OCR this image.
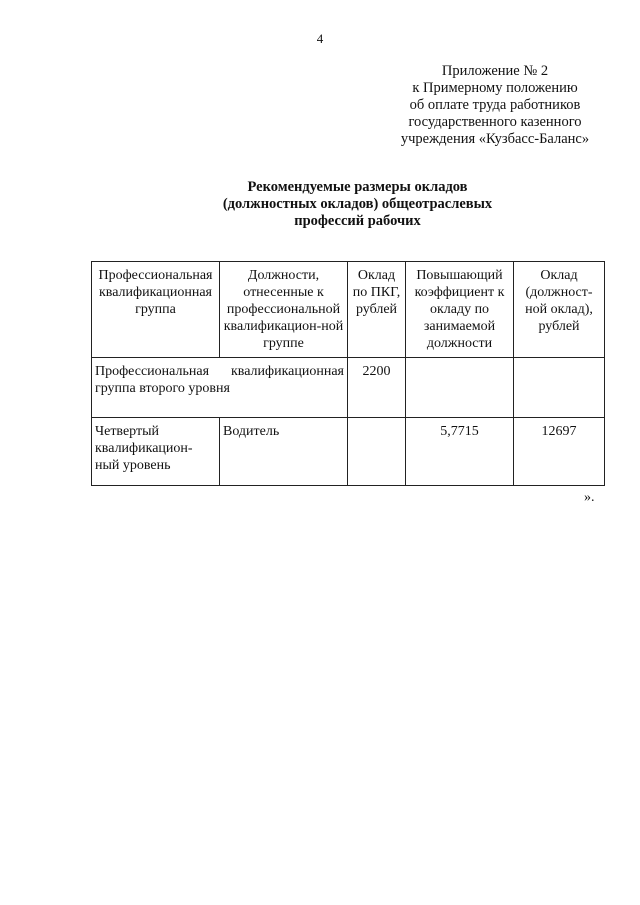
4
Приложение № 2
к Примерному положению
об оплате труда работников
государственного казенного
учреждения «Кузбасс-Баланс»
Рекомендуемые размеры окладов
(должностных окладов) общеотраслевых
профессий рабочих
Профессиональная квалификационная группа	Должности, отнесенные к профессиональной квалификацион-ной группе	Оклад по ПКГ, рублей	Повышающий коэффициент к окладу по занимаемой должности	Оклад (должност-ной оклад), рублей

Профессиональная квалификационная
группа второго уровня		2200		
Четвертый квалификацион-ный уровень	Водитель		5,7715	12697
».
